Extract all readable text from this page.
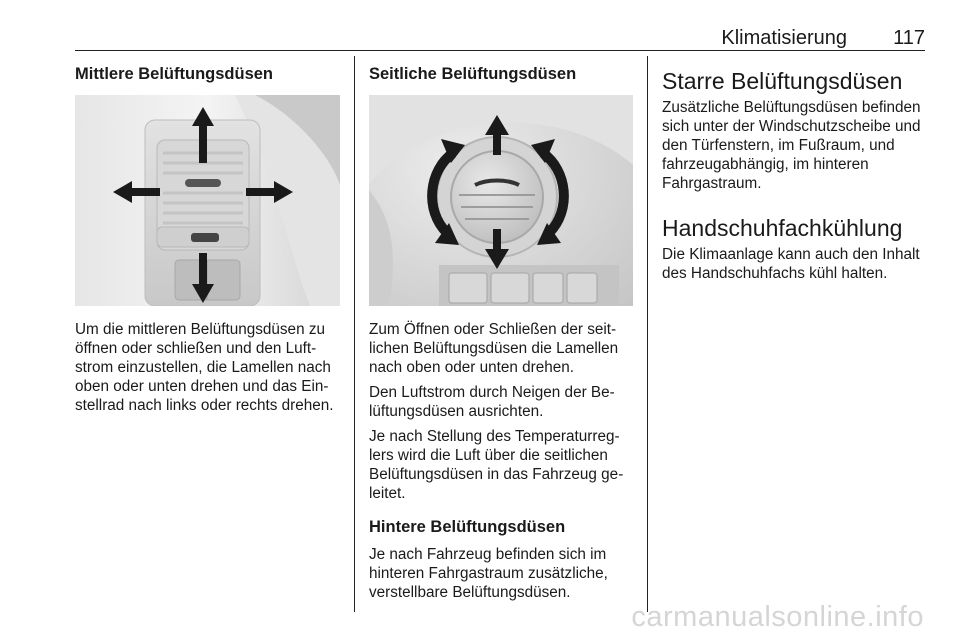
Klimatisierung 117
Mittlere Belüftungsdüsen

Um die mittleren Belüftungsdüsen zu öffnen oder schließen und den Luftstrom einzustellen, die Lamellen nach oben oder unten drehen und das Einstellrad nach links oder rechts drehen.

Seitliche Belüftungsdüsen

Zum Öffnen oder Schließen der seitlichen Belüftungsdüsen die Lamellen nach oben oder unten drehen.

Den Luftstrom durch Neigen der Belüftungsdüsen ausrichten.

Je nach Stellung des Temperaturreglers wird die Luft über die seitlichen Belüftungsdüsen in das Fahrzeug geleitet.

Hintere Belüftungsdüsen

Je nach Fahrzeug befinden sich im hinteren Fahrgastraum zusätzliche, verstellbare Belüftungsdüsen.

Starre Belüftungsdüsen

Zusätzliche Belüftungsdüsen befinden sich unter der Windschutzscheibe und den Türfenstern, im Fußraum, und fahrzeugabhängig, im hinteren Fahrgastraum.

Handschuhfachkühlung

Die Klimaanlage kann auch den Inhalt des Handschuhfachs kühl halten.

carmanualsonline.info
